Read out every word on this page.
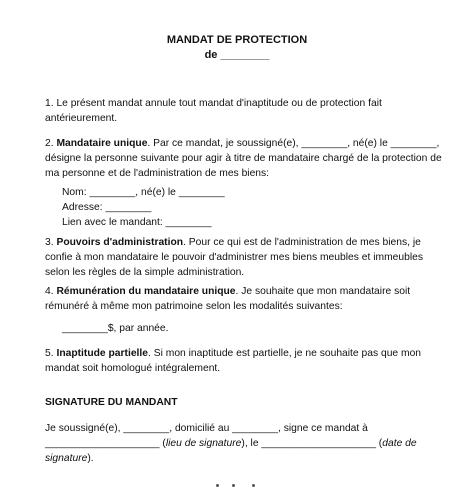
MANDAT DE PROTECTION
de ________

1. Le présent mandat annule tout mandat d'inaptitude ou de protection fait antérieurement.

2. Mandataire unique. Par ce mandat, je soussigné(e), ________, né(e) le ________, désigne la personne suivante pour agir à titre de mandataire chargé de la protection de ma personne et de l'administration de mes biens:

Nom: ________, né(e) le ________
Adresse: ________
Lien avec le mandant: ________

3. Pouvoirs d'administration. Pour ce qui est de l'administration de mes biens, je confie à mon mandataire le pouvoir d'administrer mes biens meubles et immeubles selon les règles de la simple administration.

4. Rémunération du mandataire unique. Je souhaite que mon mandataire soit rémunéré à même mon patrimoine selon les modalités suivantes:

________$, par année.

5. Inaptitude partielle. Si mon inaptitude est partielle, je ne souhaite pas que mon mandat soit homologué intégralement.

SIGNATURE DU MANDANT

Je soussigné(e), ________, domicilié au ________, signe ce mandat à ____________________ (lieu de signature), le ____________________ (date de signature).
